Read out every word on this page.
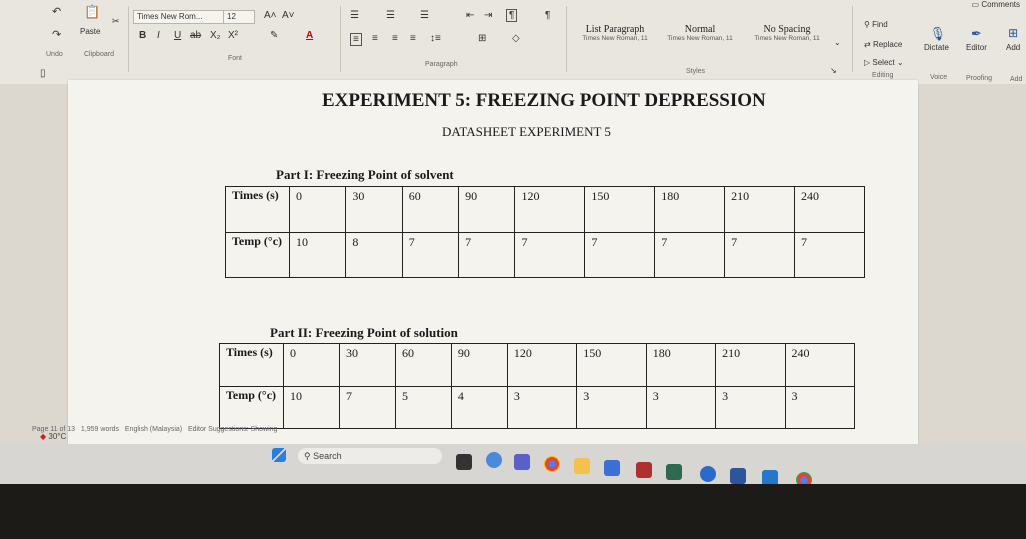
▭ Comments
↶
↷
Undo
📋
Paste
✂
Clipboard
Times New Rom...	12	A˄ A˅
B I U ab X₂ X²	✎	A
Font
☰	☰	☰	⇤ ⇥	¶	¶
≡	≡ ≡ ≡ ↕≡	⊞	◇
Paragraph
List Paragraph
Times New Roman, 11
Normal
Times New Roman, 11
No Spacing
Times New Roman, 11	⌄
Styles	↘
⚲ Find
⇄ Replace
▷ Select ⌄
Editing
🎙
Dictate
✒
Editor
⊞
Add
Voice	Proofing	Add
▯
EXPERIMENT 5: FREEZING POINT DEPRESSION
DATASHEET EXPERIMENT 5
Part I: Freezing Point of solvent
Times (s)	0	30	60	90	120	150	180	210	240
Temp (°c)	10	8	7	7	7	7	7	7	7
Part II: Freezing Point of solution
Times (s)	0	30	60	90	120	150	180	210	240
Temp (°c)	10	7	5	4	3	3	3	3	3
Page 11 of 13 1,959 words English (Malaysia) Editor Suggestions: Showing
◆ 30°C
⚲ Search
